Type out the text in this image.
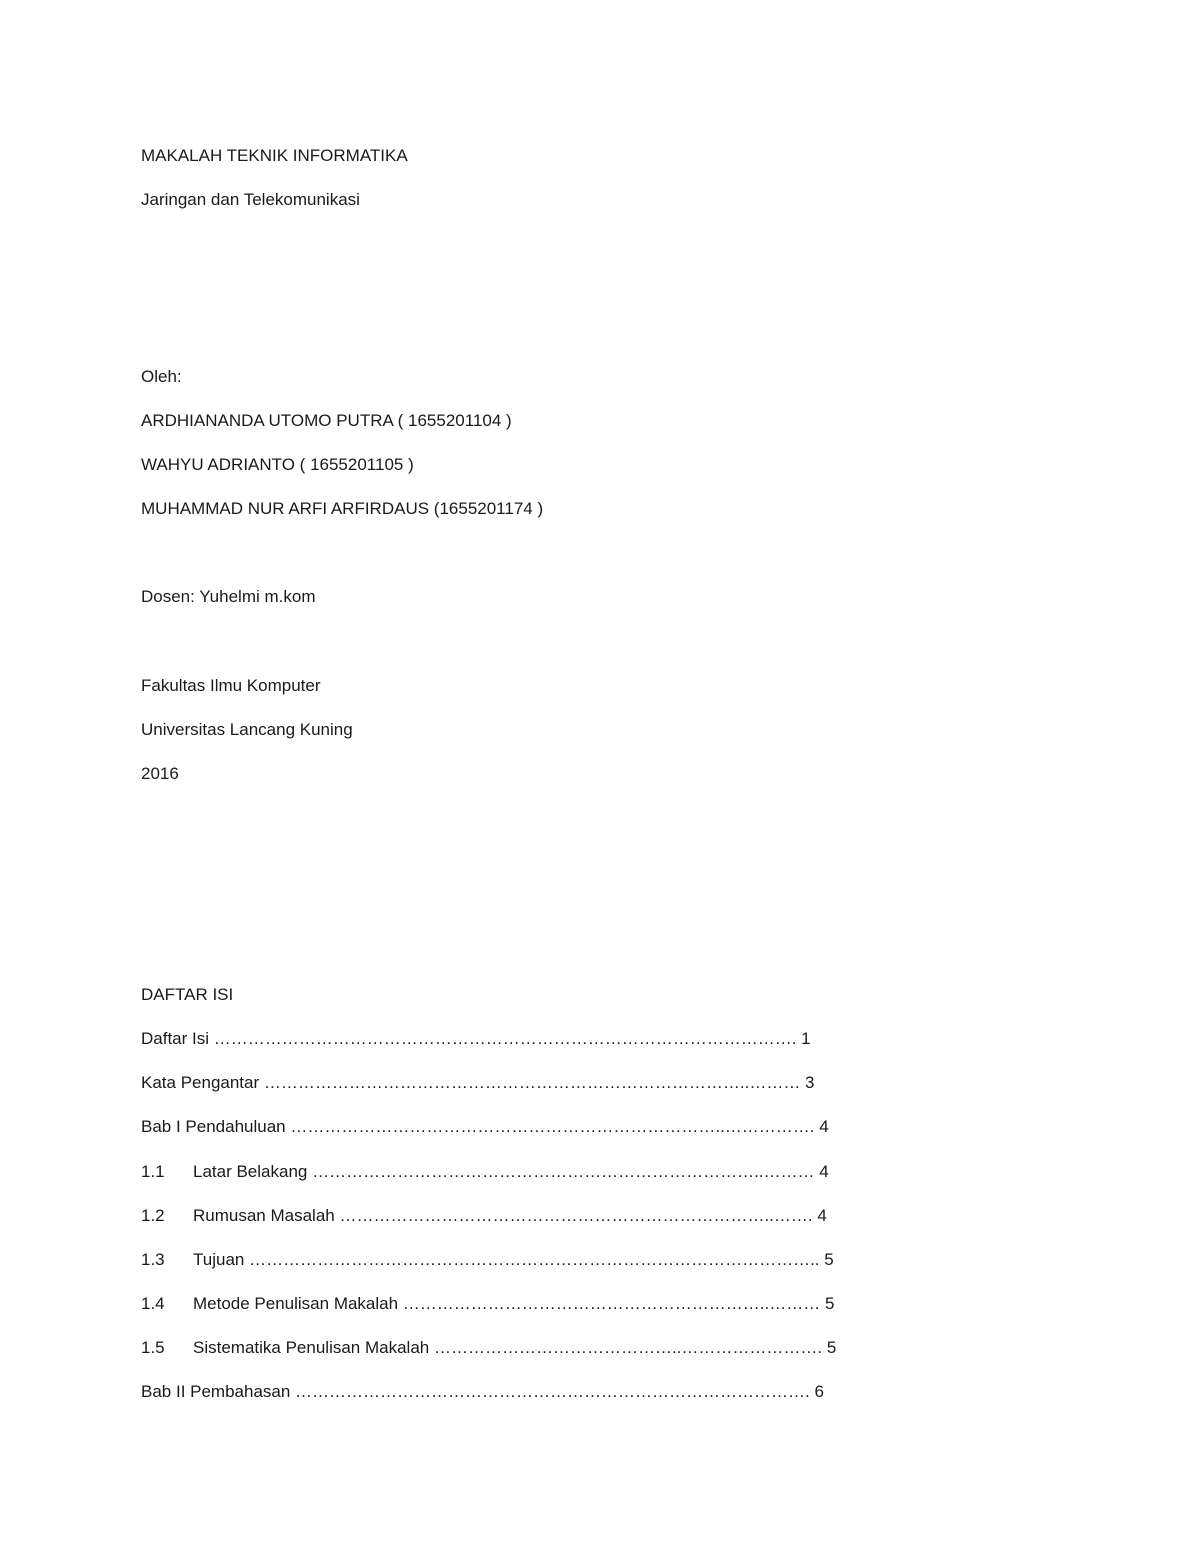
MAKALAH TEKNIK INFORMATIKA
Jaringan dan Telekomunikasi
Oleh:
ARDHIANANDA UTOMO PUTRA ( 1655201104 )
WAHYU ADRIANTO ( 1655201105 )
MUHAMMAD NUR ARFI ARFIRDAUS (1655201174 )
Dosen: Yuhelmi m.kom
Fakultas Ilmu Komputer
Universitas Lancang Kuning
2016
DAFTAR ISI
Daftar Isi …………………………………………………………………………………………. 1
Kata Pengantar …………………………………………………………………………..……… 3
Bab I Pendahuluan …………………………………………………………………..……………. 4
1.1 Latar Belakang ……………………………………………………………………..……… 4
1.2 Rumusan Masalah …………………………………………………………………..……. 4
1.3 Tujuan ……………………………………………………………………………………….. 5
1.4 Metode Penulisan Makalah ………………………………………………………..……… 5
1.5 Sistematika Penulisan Makalah ……………………………………..……………………. 5
Bab II Pembahasan ………………………………………………………………………………. 6
